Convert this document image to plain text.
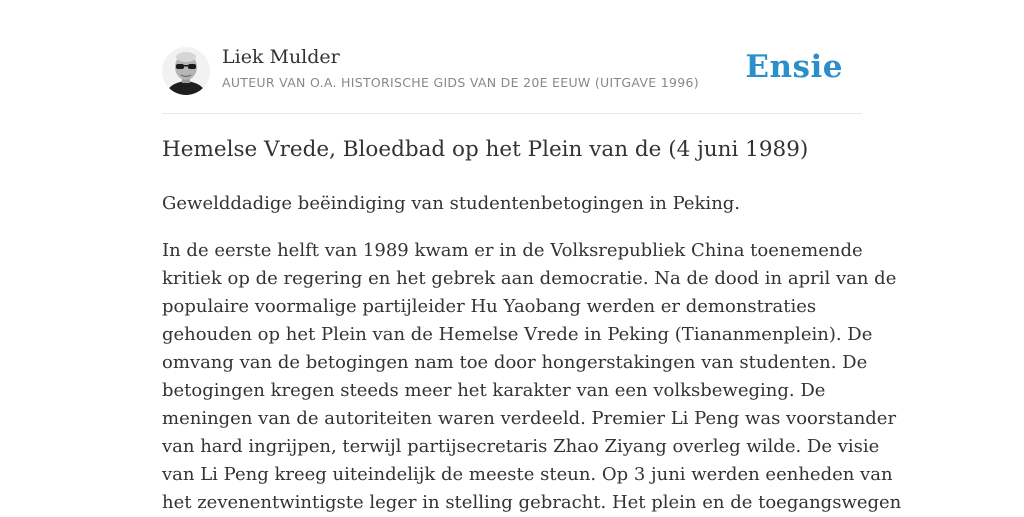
Liek Mulder
AUTEUR VAN O.A. HISTORISCHE GIDS VAN DE 20E EEUW (UITGAVE 1996) Ensie
Hemelse Vrede, Bloedbad op het Plein van de (4 juni 1989)

Gewelddadige beëindiging van studentenbetogingen in Peking.

In de eerste helft van 1989 kwam er in de Volksrepubliek China toenemende
kritiek op de regering en het gebrek aan democratie. Na de dood in april van de
populaire voormalige partijleider Hu Yaobang werden er demonstraties
gehouden op het Plein van de Hemelse Vrede in Peking (Tiananmenplein). De
omvang van de betogingen nam toe door hongerstakingen van studenten. De
betogingen kregen steeds meer het karakter van een volksbeweging. De
meningen van de autoriteiten waren verdeeld. Premier Li Peng was voorstander
van hard ingrijpen, terwijl partijsecretaris Zhao Ziyang overleg wilde. De visie
van Li Peng kreeg uiteindelijk de meeste steun. Op 3 juni werden eenheden van
het zevenentwintigste leger in stelling gebracht. Het plein en de toegangswegen
